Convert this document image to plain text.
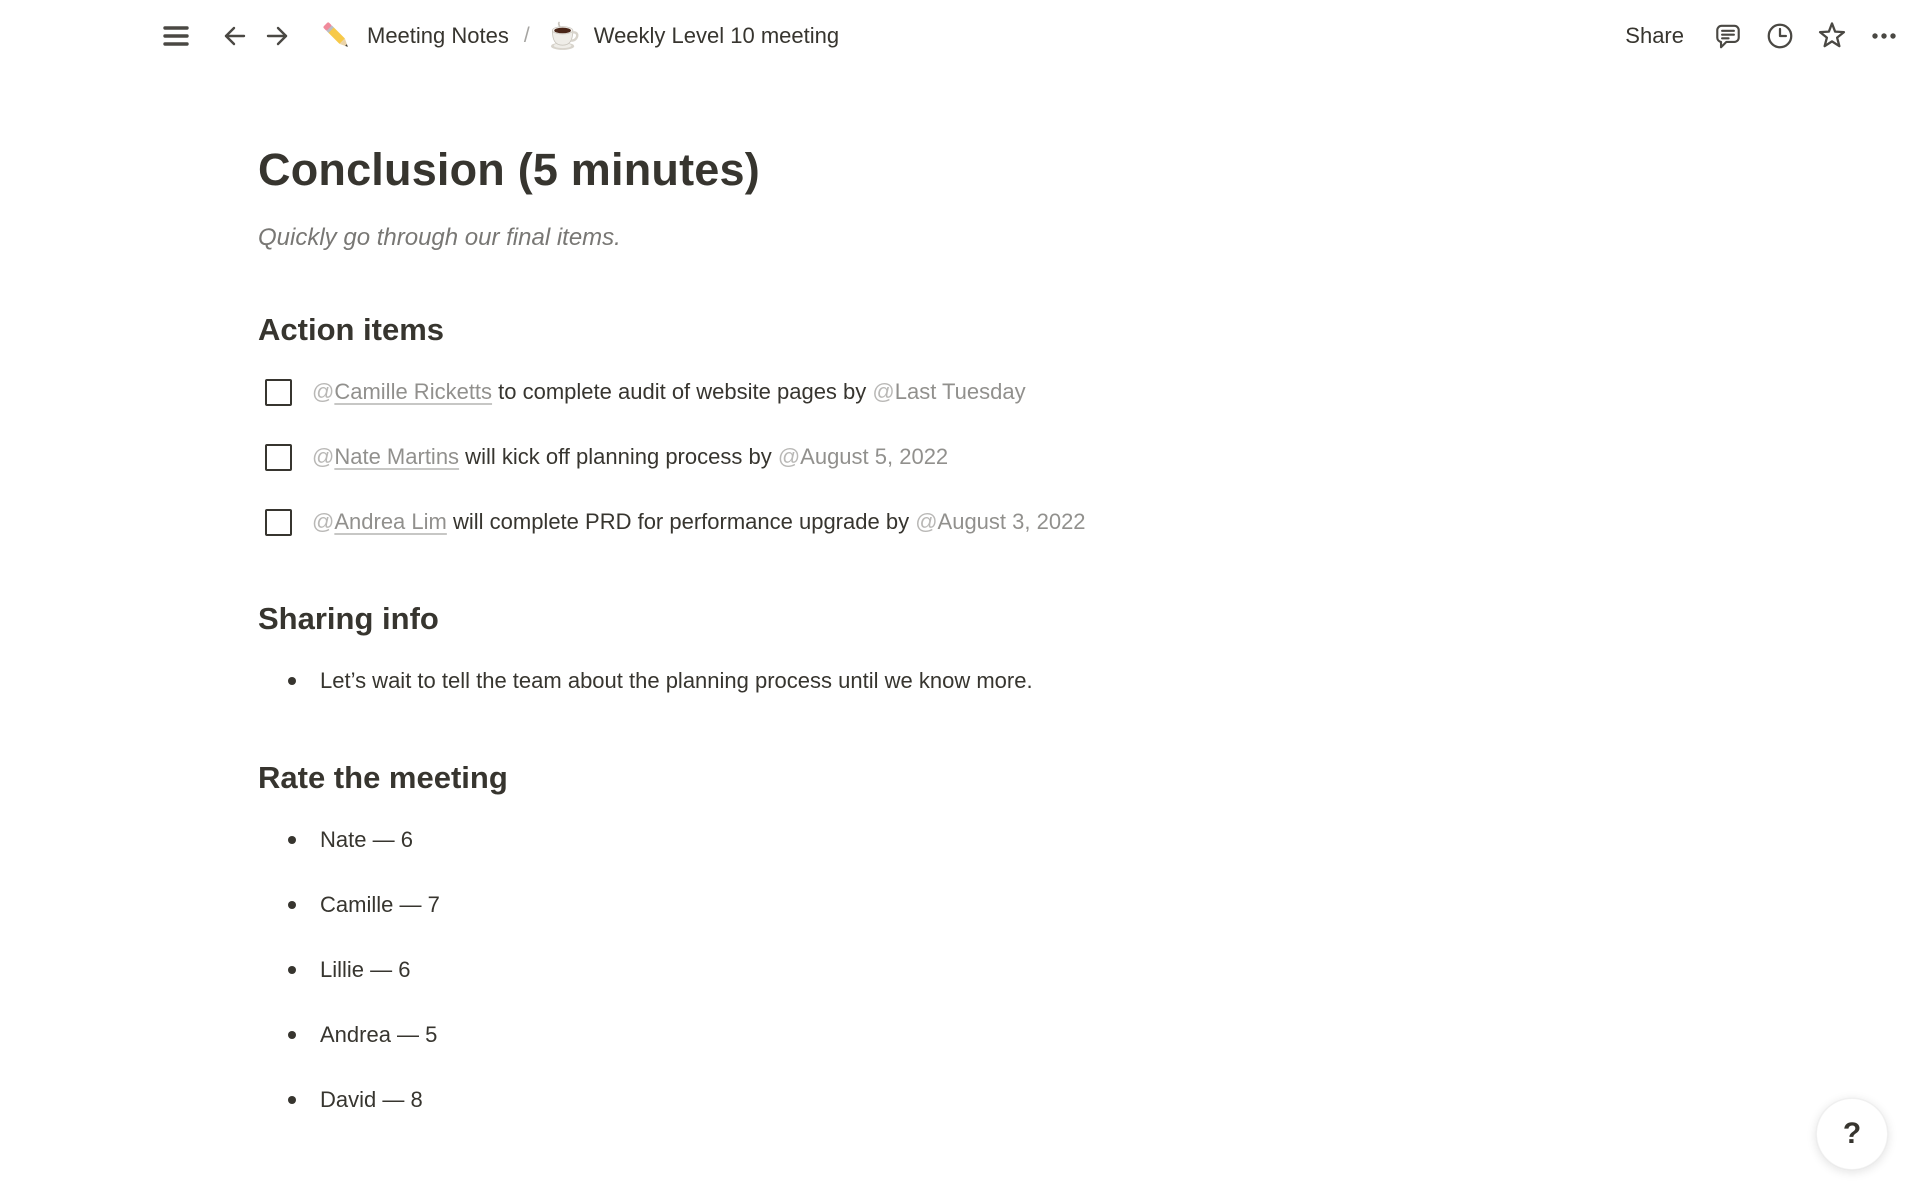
Meeting Notes /	Weekly Level 10 meeting	Share
Conclusion (5 minutes)
Quickly go through our final items.
Action items
@Camille Ricketts to complete audit of website pages by @Last Tuesday
@Nate Martins will kick off planning process by @August 5, 2022
@Andrea Lim will complete PRD for performance upgrade by @August 3, 2022
Sharing info
Let’s wait to tell the team about the planning process until we know more.
Rate the meeting
Nate — 6
Camille — 7
Lillie — 6
Andrea — 5
David — 8
?
